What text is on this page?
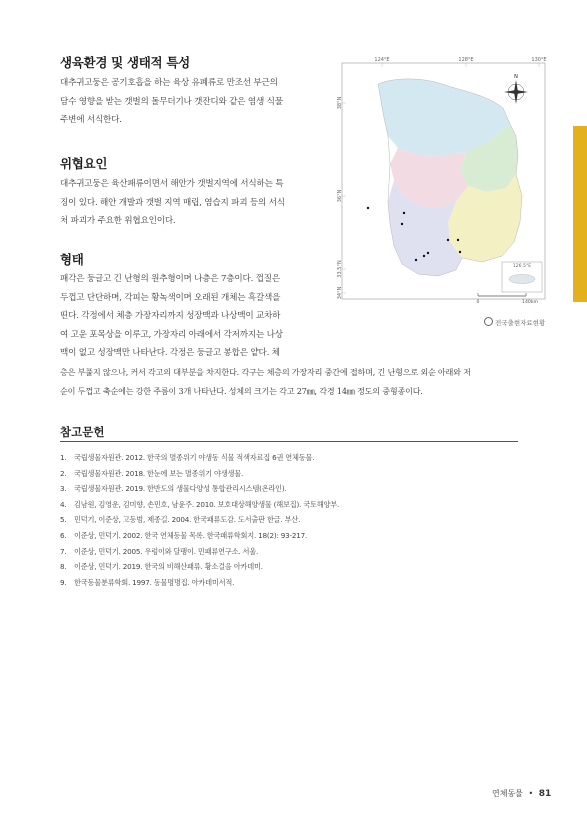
생육환경 및 생태적 특성
대추귀고둥은 공기호흡을 하는 육상 유폐류로 만조선 부근의
담수 영향을 받는 갯벌의 돌무더기나 갯잔디와 같은 염생 식물
주변에 서식한다.
위협요인
대추귀고둥은 육산패류이면서 해안가 갯벌지역에 서식하는 특
징이 있다. 해안 개발과 갯벌 지역 매립, 염습지 파괴 등의 서식
처 파괴가 주요한 위협요인이다.
형태
패각은 둥글고 긴 난형의 원추형이며 나층은 7층이다. 껍질은
두껍고 단단하며, 각피는 황녹색이며 오래된 개체는 흑갈색을
띤다. 각정에서 체층 가장자리까지 성장맥과 나상맥이 교차하
여 고운 포목상을 이루고, 가장자리 아래에서 각저까지는 나상
맥이 없고 성장맥만 나타난다. 각정은 둥글고 봉합은 얕다. 체
층은 부풀지 않으나, 커서 각고의 대부분을 차지한다. 각구는 체층의 가장자리 중간에 접하며, 긴 난형으로 외순 아래와 저
순이 두껍고 축순에는 강한 주름이 3개 나타난다. 성체의 크기는 각고 27㎜, 각경 14㎜ 정도의 중형종이다.
124°E	128°E	130°E
38°N
36°N
33.5°N
34°N
N
126.5°E
0	140km
전국출현자료현황
참고문헌
1. 국립생물자원관. 2012. 한국의 멸종위기 야생동 식물 적색자료집 6권 연체동물.
2. 국립생물자원관. 2018. 한눈에 보는 멸종위기 야생생물.
3. 국립생물자원관. 2019. 한반도의 생물다양성 통합관리시스템(온라인).
4. 김남원, 김영운, 김미향, 손민호, 남윤주. 2010. 보호대상해양생물 (해보집). 국토해양부.
5. 민덕기, 이준상, 고동범, 제종길. 2004. 한국패류도감. 도서출판 한글. 부산.
6. 이준상, 민덕기. 2002. 한국 연체동물 목록. 한국패류학회지. 18(2): 93-217.
7. 이준상, 민덕기. 2005. 우렁이와 달팽이. 민패류연구소. 서울.
8. 이준상, 민덕기. 2019. 한국의 비해산패류. 황소걸음 아카데미.
9. 한국동물분류학회. 1997. 동물명명집. 아카데미서적.
연체동물 • 81
